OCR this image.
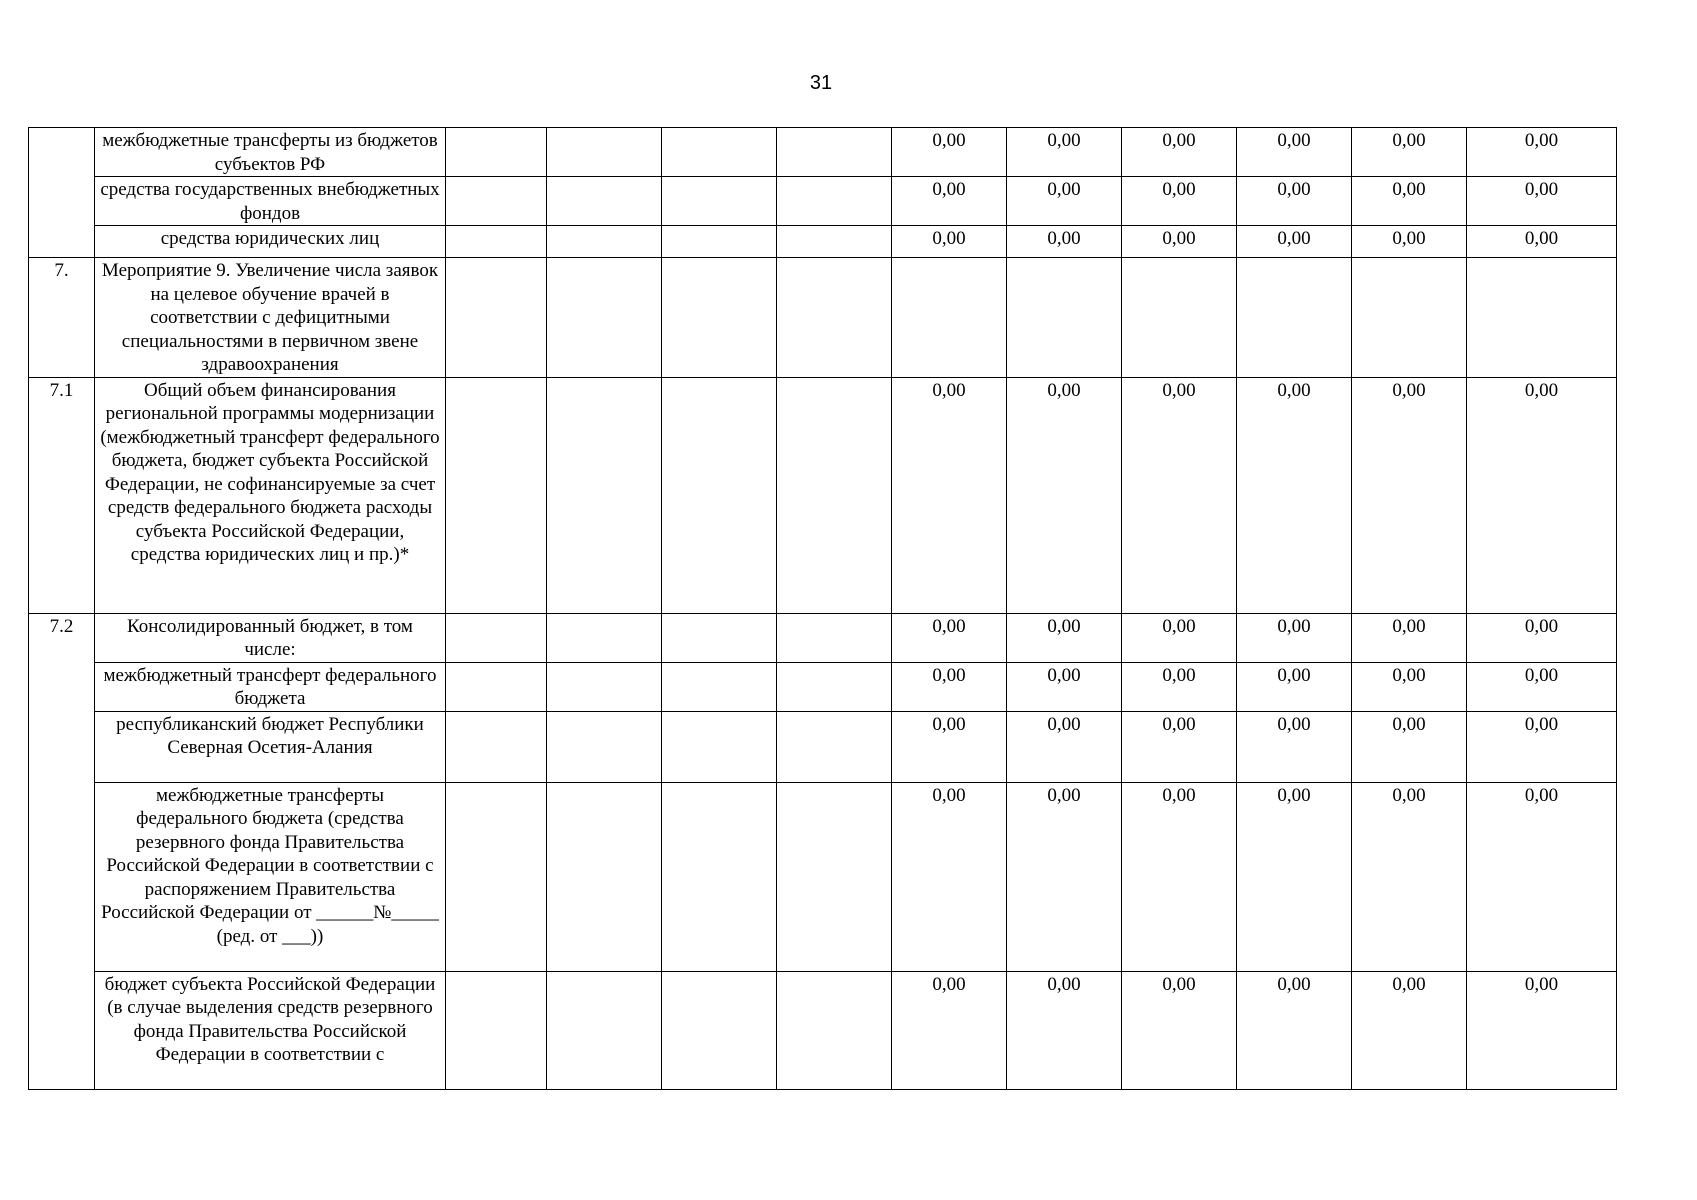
31
	межбюджетные трансферты из бюджетов субъектов РФ					0,00	0,00	0,00	0,00	0,00	0,00
	средства государственных внебюджетных фондов					0,00	0,00	0,00	0,00	0,00	0,00
	средства юридических лиц					0,00	0,00	0,00	0,00	0,00	0,00
7.	Мероприятие 9. Увеличение числа заявок на целевое обучение врачей в соответствии с дефицитными специальностями в первичном звене здравоохранения										
7.1	Общий объем финансирования региональной программы модернизации (межбюджетный трансферт федерального бюджета, бюджет субъекта Российской Федерации, не софинансируемые за счет средств федерального бюджета расходы субъекта Российской Федерации, средства юридических лиц и пр.)*					0,00	0,00	0,00	0,00	0,00	0,00
7.2	Консолидированный бюджет, в том числе:					0,00	0,00	0,00	0,00	0,00	0,00
	межбюджетный трансферт федерального бюджета					0,00	0,00	0,00	0,00	0,00	0,00
	республиканский бюджет Республики Северная Осетия-Алания					0,00	0,00	0,00	0,00	0,00	0,00
	межбюджетные трансферты федерального бюджета (средства резервного фонда Правительства Российской Федерации в соответствии с распоряжением Правительства Российской Федерации от ______№_____ (ред. от ___))					0,00	0,00	0,00	0,00	0,00	0,00
	бюджет субъекта Российской Федерации (в случае выделения средств резервного фонда Правительства Российской Федерации в соответствии с					0,00	0,00	0,00	0,00	0,00	0,00
